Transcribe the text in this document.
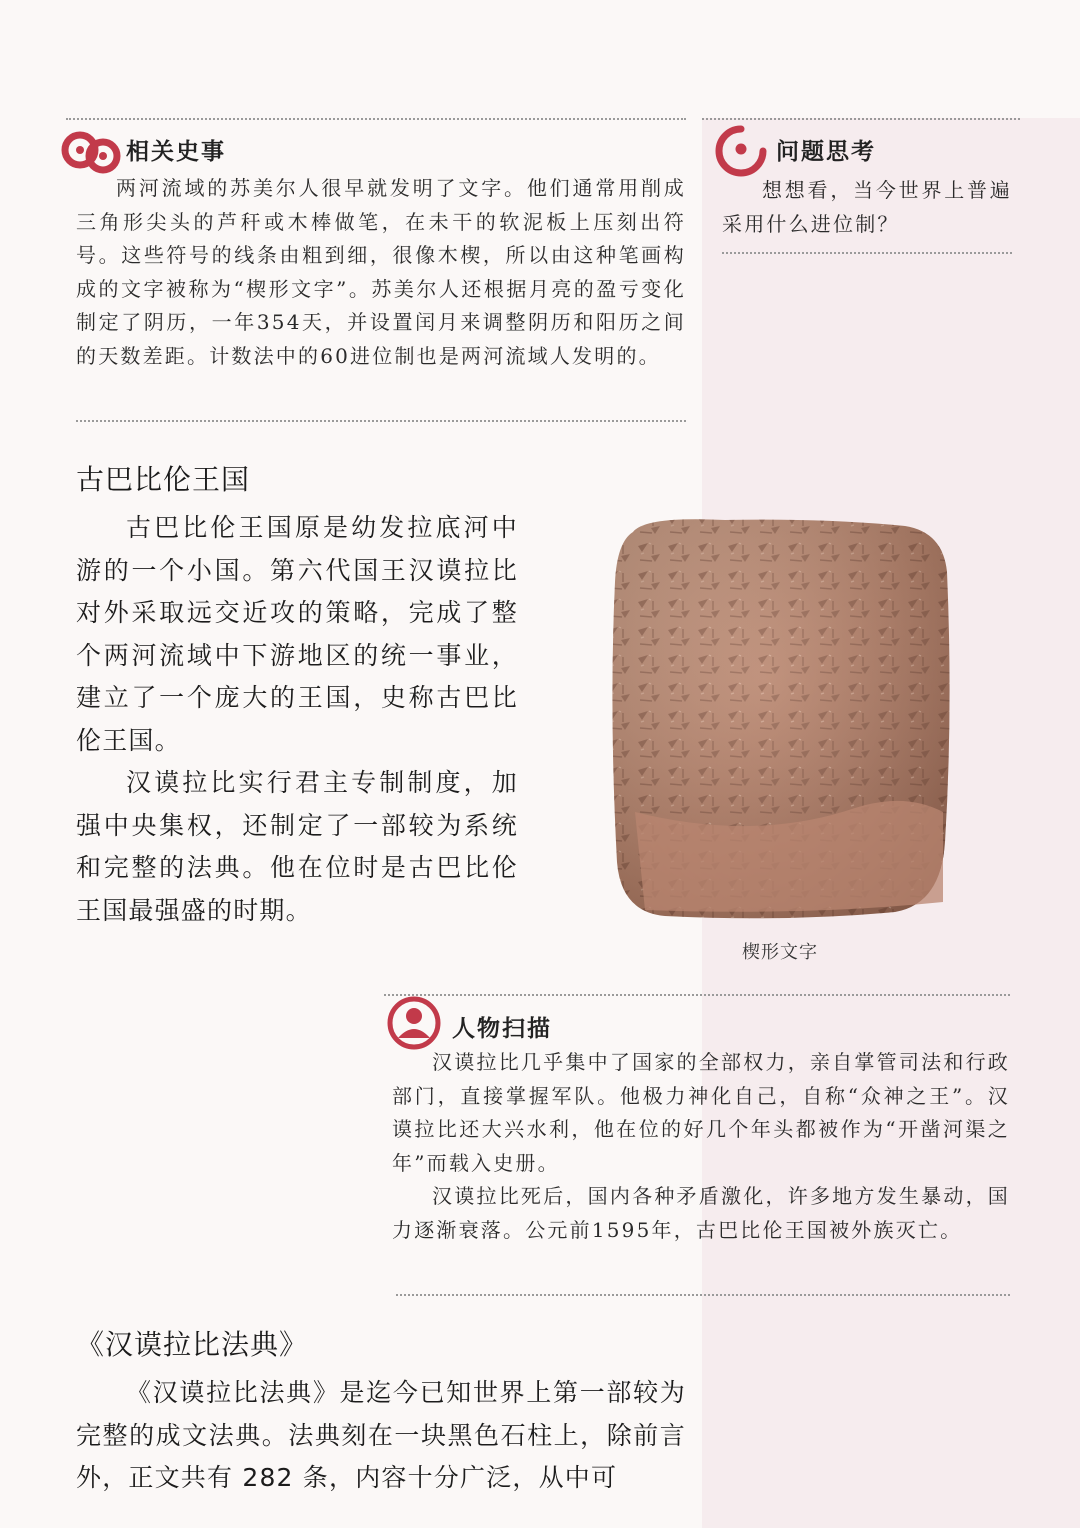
相关史事

两河流域的苏美尔人很早就发明了文字。他们通常用削成三角形尖头的芦秆或木棒做笔，在未干的软泥板上压刻出符号。这些符号的线条由粗到细，很像木楔，所以由这种笔画构成的文字被称为“楔形文字”。苏美尔人还根据月亮的盈亏变化制定了阴历，一年354天，并设置闰月来调整阴历和阳历之间的天数差距。计数法中的60进位制也是两河流域人发明的。

问题思考

想想看，当今世界上普遍采用什么进位制？

古巴比伦王国

古巴比伦王国原是幼发拉底河中游的一个小国。第六代国王汉谟拉比对外采取远交近攻的策略，完成了整个两河流域中下游地区的统一事业，建立了一个庞大的王国，史称古巴比伦王国。

汉谟拉比实行君主专制制度，加强中央集权，还制定了一部较为系统和完整的法典。他在位时是古巴比伦王国最强盛的时期。

楔形文字
人物扫描

汉谟拉比几乎集中了国家的全部权力，亲自掌管司法和行政部门，直接掌握军队。他极力神化自己，自称“众神之王”。汉谟拉比还大兴水利，他在位的好几个年头都被作为“开凿河渠之年”而载入史册。

汉谟拉比死后，国内各种矛盾激化，许多地方发生暴动，国力逐渐衰落。公元前1595年，古巴比伦王国被外族灭亡。

《汉谟拉比法典》

《汉谟拉比法典》是迄今已知世界上第一部较为完整的成文法典。法典刻在一块黑色石柱上，除前言外，正文共有 282 条，内容十分广泛，从中可
